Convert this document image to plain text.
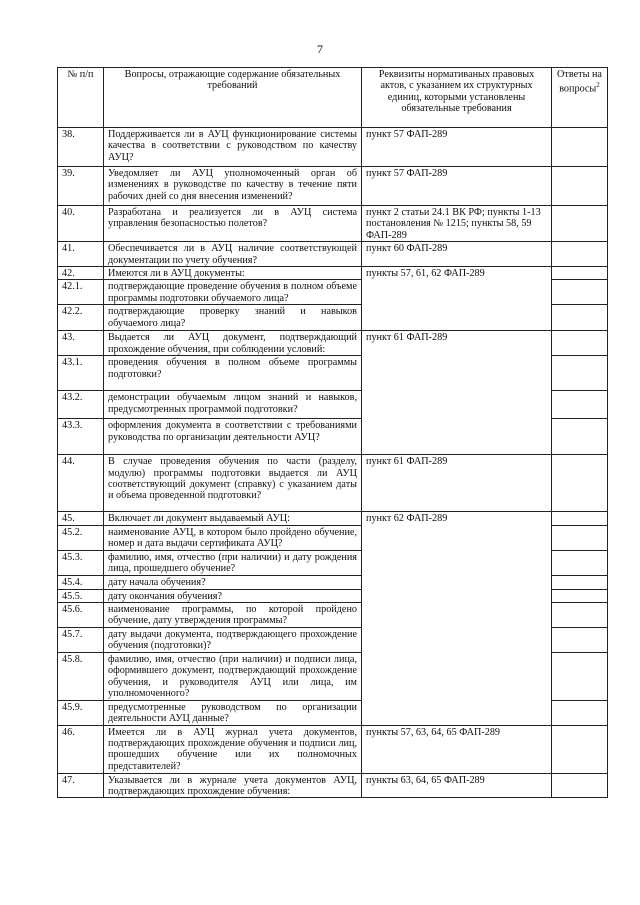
7
№ п/п	Вопросы, отражающие содержание обязательных требований	Реквизиты нормативаных правовых актов, с указанием их структурных единиц, которыми установлены обязательные требования	Ответы на вопросы$^2$
38.	Поддерживается ли в АУЦ функционирование системы качества в соответствии с руководством по качеству АУЦ?	пункт 57 ФАП-289	
39.	Уведомляет ли АУЦ уполномоченный орган об изменениях в руководстве по качеству в течение пяти рабочих дней со дня внесения изменений?	пункт 57 ФАП-289	
40.	Разработана и реализуется ли в АУЦ система управления безопасностью полетов?	пункт 2 статьи 24.1 ВК РФ; пункты 1-13 постановления № 1215; пункты 58, 59 ФАП-289	
41.	Обеспечивается ли в АУЦ наличие соответствующей документации по учету обучения?	пункт 60 ФАП-289	
42.	Имеются ли в АУЦ документы:	пункты 57, 61, 62 ФАП-289	
42.1.	подтверждающие проведение обучения в полном объеме программы подготовки обучаемого лица?		
42.2.	подтверждающие проверку знаний и навыков обучаемого лица?		
43.	Выдается ли АУЦ документ, подтверждающий прохождение обучения, при соблюдении условий:	пункт 61 ФАП-289	
43.1.	проведения обучения в полном объеме программы подготовки?		
43.2.	демонстрации обучаемым лицом знаний и навыков, предусмотренных программой подготовки?		
43.3.	оформления документа в соответствии с требованиями руководства по организации деятельности АУЦ?		
44.	В случае проведения обучения по части (разделу, модулю) программы подготовки выдается ли АУЦ соответствующий документ (справку) с указанием даты и объема проведенной подготовки?	пункт 61 ФАП-289	
45.	Включает ли документ выдаваемый АУЦ:	пункт 62 ФАП-289	
45.2.	наименование АУЦ, в котором было пройдено обучение, номер и дата выдачи сертификата АУЦ?		
45.3.	фамилию, имя, отчество (при наличии) и дату рождения лица, прошедшего обучение?		
45.4.	дату начала обучения?		
45.5.	дату окончания обучения?		
45.6.	наименование программы, по которой пройдено обучение, дату утверждения программы?		
45.7.	дату выдачи документа, подтверждающего прохождение обучения (подготовки)?		
45.8.	фамилию, имя, отчество (при наличии) и подписи лица, оформившего документ, подтверждающий прохождение обучения, и руководителя АУЦ или лица, им уполномоченного?		
45.9.	предусмотренные руководством по организации деятельности АУЦ данные?		
46.	Имеется ли в АУЦ журнал учета документов, подтверждающих прохождение обучения и подписи лиц, прошедших обучение или их полномочных представителей?	пункты 57, 63, 64, 65 ФАП-289	
47.	Указывается ли в журнале учета документов АУЦ, подтверждающих прохождение обучения:	пункты 63, 64, 65 ФАП-289	
